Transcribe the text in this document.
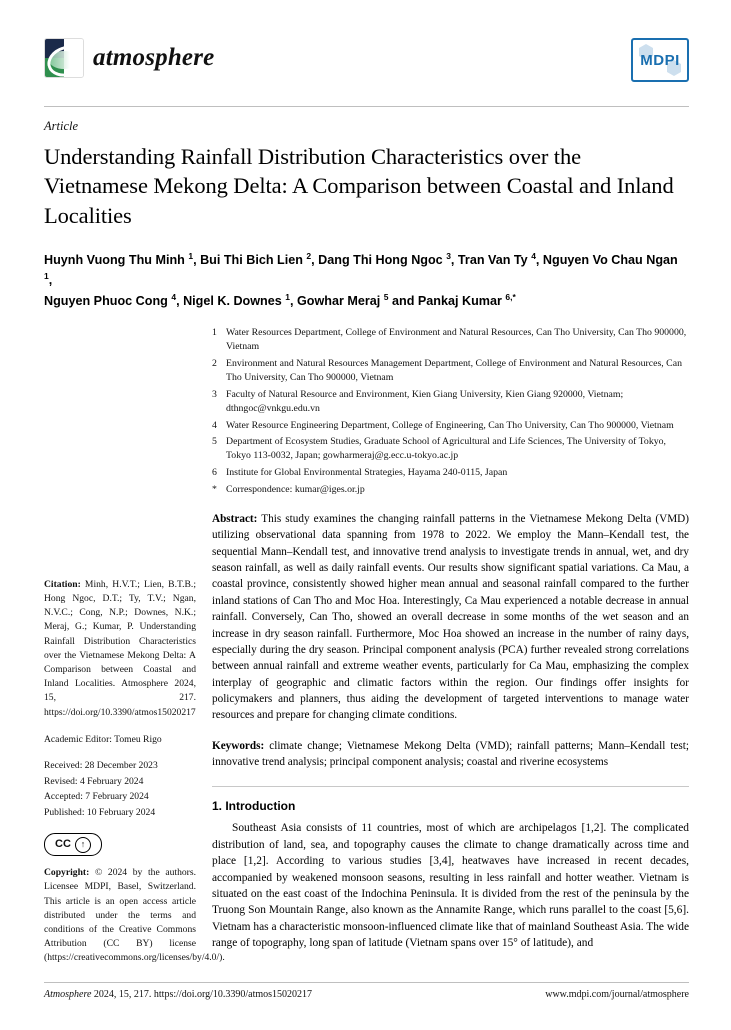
atmosphere	MDPI
Article
Understanding Rainfall Distribution Characteristics over the Vietnamese Mekong Delta: A Comparison between Coastal and Inland Localities
Huynh Vuong Thu Minh $^1$, Bui Thi Bich Lien $^2$, Dang Thi Hong Ngoc $^3$, Tran Van Ty $^4$, Nguyen Vo Chau Ngan $^1$,
Nguyen Phuoc Cong $^4$, Nigel K. Downes $^1$, Gowhar Meraj $^5$ and Pankaj Kumar $^{6,*}$
Citation: Minh, H.V.T.; Lien, B.T.B.; Hong Ngoc, D.T.; Ty, T.V.; Ngan, N.V.C.; Cong, N.P.; Downes, N.K.; Meraj, G.; Kumar, P. Understanding Rainfall Distribution Characteristics over the Vietnamese Mekong Delta: A Comparison between Coastal and Inland Localities. Atmosphere 2024, 15, 217. https://doi.org/10.3390/atmos15020217
Academic Editor: Tomeu Rigo

Received: 28 December 2023

Revised: 4 February 2024

Accepted: 7 February 2024

Published: 10 February 2024

CC	↑
Copyright: © 2024 by the authors. Licensee MDPI, Basel, Switzerland. This article is an open access article distributed under the terms and conditions of the Creative Commons Attribution (CC BY) license (https://creativecommons.org/licenses/by/4.0/).
1 Water Resources Department, College of Environment and Natural Resources, Can Tho University, Can Tho 900000, Vietnam
2 Environment and Natural Resources Management Department, College of Environment and Natural Resources, Can Tho University, Can Tho 900000, Vietnam
3 Faculty of Natural Resource and Environment, Kien Giang University, Kien Giang 920000, Vietnam; dthngoc@vnkgu.edu.vn
4 Water Resource Engineering Department, College of Engineering, Can Tho University, Can Tho 900000, Vietnam
5 Department of Ecosystem Studies, Graduate School of Agricultural and Life Sciences, The University of Tokyo, Tokyo 113-0032, Japan; gowharmeraj@g.ecc.u-tokyo.ac.jp
6 Institute for Global Environmental Strategies, Hayama 240-0115, Japan
* Correspondence: kumar@iges.or.jp
Abstract: This study examines the changing rainfall patterns in the Vietnamese Mekong Delta (VMD) utilizing observational data spanning from 1978 to 2022. We employ the Mann–Kendall test, the sequential Mann–Kendall test, and innovative trend analysis to investigate trends in annual, wet, and dry season rainfall, as well as daily rainfall events. Our results show significant spatial variations. Ca Mau, a coastal province, consistently showed higher mean annual and seasonal rainfall compared to the further inland stations of Can Tho and Moc Hoa. Interestingly, Ca Mau experienced a notable decrease in annual rainfall. Conversely, Can Tho, showed an overall decrease in some months of the wet season and an increase in dry season rainfall. Furthermore, Moc Hoa showed an increase in the number of rainy days, especially during the dry season. Principal component analysis (PCA) further revealed strong correlations between annual rainfall and extreme weather events, particularly for Ca Mau, emphasizing the complex interplay of geographic and climatic factors within the region. Our findings offer insights for policymakers and planners, thus aiding the development of targeted interventions to manage water resources and prepare for changing climate conditions.
Keywords: climate change; Vietnamese Mekong Delta (VMD); rainfall patterns; Mann–Kendall test; innovative trend analysis; principal component analysis; coastal and riverine ecosystems
1. Introduction

Southeast Asia consists of 11 countries, most of which are archipelagos [1,2]. The complicated distribution of land, sea, and topography causes the climate to change dramatically across time and place [1,2]. According to various studies [3,4], heatwaves have increased in recent decades, accompanied by weakened monsoon seasons, resulting in less rainfall and hotter weather. Vietnam is situated on the east coast of the Indochina Peninsula. It is divided from the rest of the peninsula by the Truong Son Mountain Range, also known as the Annamite Range, which runs parallel to the coast [5,6]. Vietnam has a characteristic monsoon-influenced climate like that of mainland Southeast Asia. The wide range of topography, long span of latitude (Vietnam spans over 15° of latitude), and

Atmosphere 2024, 15, 217. https://doi.org/10.3390/atmos15020217	www.mdpi.com/journal/atmosphere
